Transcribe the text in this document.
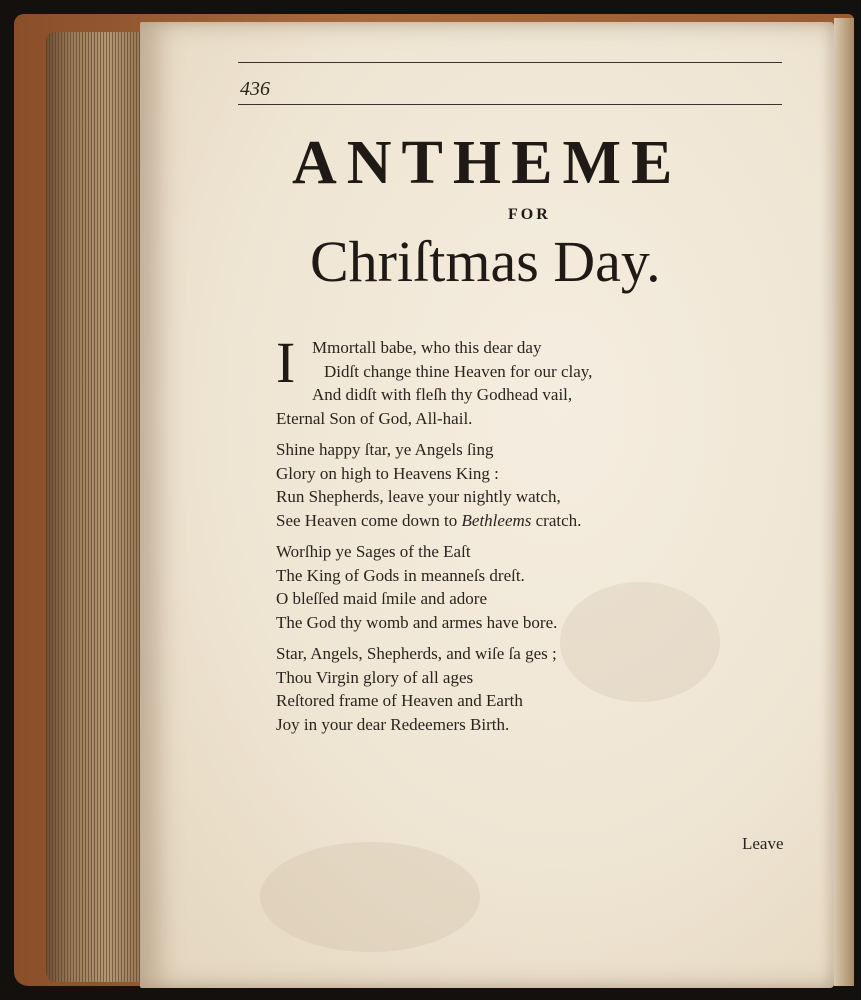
436
ANTHEME
FOR
Chriſtmas Day.
I Mmortall babe, who this dear day
Didſt change thine Heaven for our clay,
And didſt with fleſh thy Godhead vail,
Eternal Son of God, All-hail.
Shine happy ſtar, ye Angels ſing
Glory on high to Heavens King :
Run Shepherds, leave your nightly watch,
See Heaven come down to Bethleems cratch.
Worſhip ye Sages of the Eaſt
The King of Gods in meanneſs dreſt.
O bleſſed maid ſmile and adore
The God thy womb and armes have bore.
Star, Angels, Shepherds, and wiſe ſa ges ;
Thou Virgin glory of all ages
Reſtored frame of Heaven and Earth
Joy in your dear Redeemers Birth.
Leave
